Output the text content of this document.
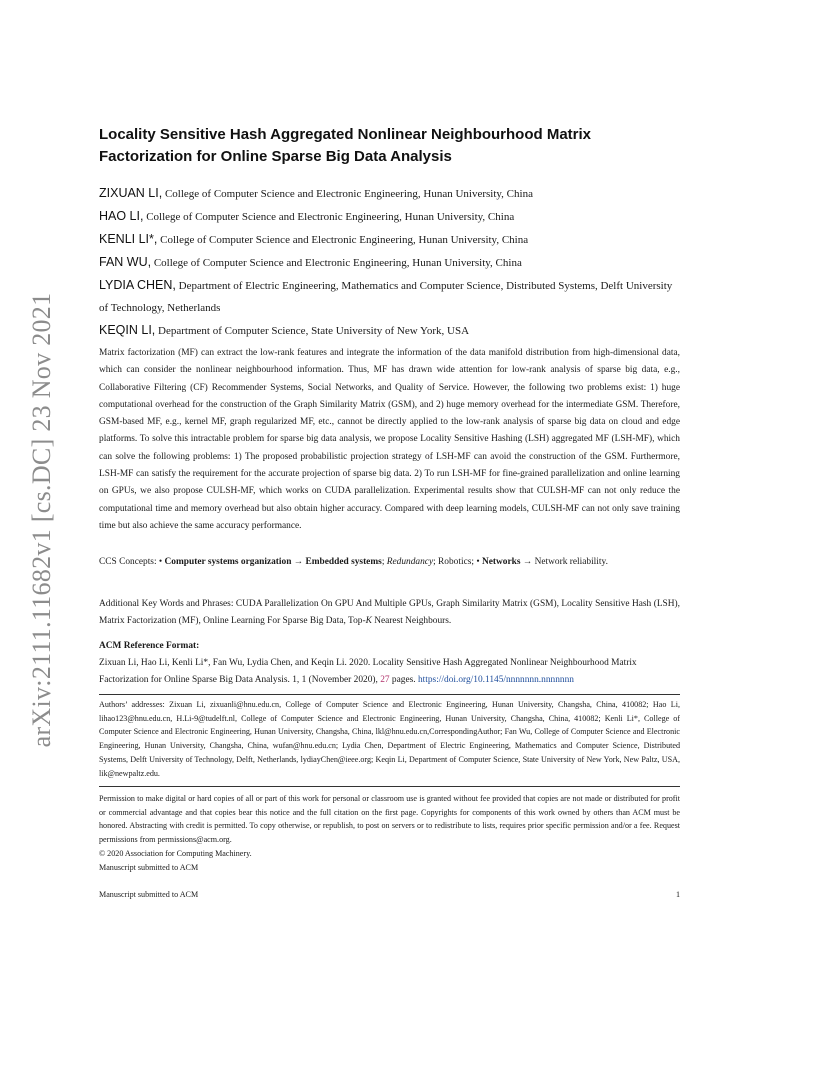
arXiv:2111.11682v1 [cs.DC] 23 Nov 2021
Locality Sensitive Hash Aggregated Nonlinear Neighbourhood Matrix Factorization for Online Sparse Big Data Analysis

ZIXUAN LI, College of Computer Science and Electronic Engineering, Hunan University, China

HAO LI, College of Computer Science and Electronic Engineering, Hunan University, China

KENLI LI*, College of Computer Science and Electronic Engineering, Hunan University, China

FAN WU, College of Computer Science and Electronic Engineering, Hunan University, China

LYDIA CHEN, Department of Electric Engineering, Mathematics and Computer Science, Distributed Systems, Delft University of Technology, Netherlands

KEQIN LI, Department of Computer Science, State University of New York, USA

Matrix factorization (MF) can extract the low-rank features and integrate the information of the data manifold distribution from high-dimensional data, which can consider the nonlinear neighbourhood information. Thus, MF has drawn wide attention for low-rank analysis of sparse big data, e.g., Collaborative Filtering (CF) Recommender Systems, Social Networks, and Quality of Service. However, the following two problems exist: 1) huge computational overhead for the construction of the Graph Similarity Matrix (GSM), and 2) huge memory overhead for the intermediate GSM. Therefore, GSM-based MF, e.g., kernel MF, graph regularized MF, etc., cannot be directly applied to the low-rank analysis of sparse big data on cloud and edge platforms. To solve this intractable problem for sparse big data analysis, we propose Locality Sensitive Hashing (LSH) aggregated MF (LSH-MF), which can solve the following problems: 1) The proposed probabilistic projection strategy of LSH-MF can avoid the construction of the GSM. Furthermore, LSH-MF can satisfy the requirement for the accurate projection of sparse big data. 2) To run LSH-MF for fine-grained parallelization and online learning on GPUs, we also propose CULSH-MF, which works on CUDA parallelization. Experimental results show that CULSH-MF can not only reduce the computational time and memory overhead but also obtain higher accuracy. Compared with deep learning models, CULSH-MF can not only save training time but also achieve the same accuracy performance.

CCS Concepts: • Computer systems organization → Embedded systems; Redundancy; Robotics; • Networks → Network reliability.

Additional Key Words and Phrases: CUDA Parallelization On GPU And Multiple GPUs, Graph Similarity Matrix (GSM), Locality Sensitive Hash (LSH), Matrix Factorization (MF), Online Learning For Sparse Big Data, Top-K Nearest Neighbours.

ACM Reference Format:

Zixuan Li, Hao Li, Kenli Li*, Fan Wu, Lydia Chen, and Keqin Li. 2020. Locality Sensitive Hash Aggregated Nonlinear Neighbourhood Matrix Factorization for Online Sparse Big Data Analysis. 1, 1 (November 2020), 27 pages. https://doi.org/10.1145/nnnnnnn.nnnnnnn

Authors’ addresses: Zixuan Li, zixuanli@hnu.edu.cn, College of Computer Science and Electronic Engineering, Hunan University, Changsha, China, 410082; Hao Li, lihao123@hnu.edu.cn, H.Li-9@tudelft.nl, College of Computer Science and Electronic Engineering, Hunan University, Changsha, China, 410082; Kenli Li*, College of Computer Science and Electronic Engineering, Hunan University, Changsha, China, lkl@hnu.edu.cn,CorrespondingAuthor; Fan Wu, College of Computer Science and Electronic Engineering, Hunan University, Changsha, China, wufan@hnu.edu.cn; Lydia Chen, Department of Electric Engineering, Mathematics and Computer Science, Distributed Systems, Delft University of Technology, Delft, Netherlands, lydiayChen@ieee.org; Keqin Li, Department of Computer Science, State University of New York, New Paltz, USA, lik@newpaltz.edu.

Permission to make digital or hard copies of all or part of this work for personal or classroom use is granted without fee provided that copies are not made or distributed for profit or commercial advantage and that copies bear this notice and the full citation on the first page. Copyrights for components of this work owned by others than ACM must be honored. Abstracting with credit is permitted. To copy otherwise, or republish, to post on servers or to redistribute to lists, requires prior specific permission and/or a fee. Request permissions from permissions@acm.org.

© 2020 Association for Computing Machinery.

Manuscript submitted to ACM

Manuscript submitted to ACM	1
